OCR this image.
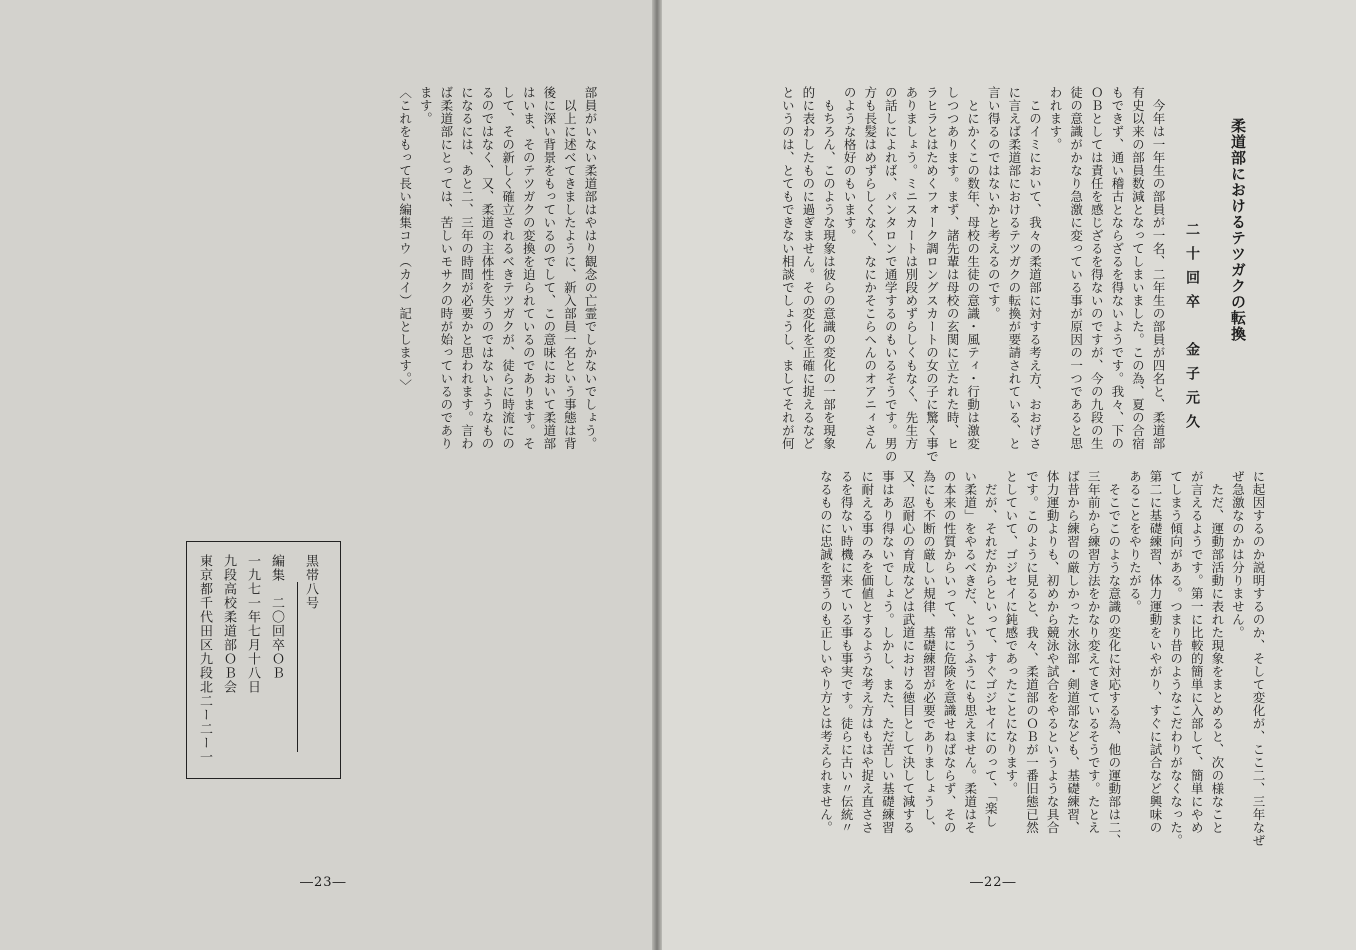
柔道部におけるテツガクの転換
二十回卒　金子元久

　今年は一年生の部員が一名、二年生の部員が四名と、柔道部

有史以来の部員数減となってしまいました。この為、夏の合宿

もできず、通い稽古とならざるを得ないようです。我々、下の

ＯＢとしては責任を感じざるを得ないのですが、今の九段の生

徒の意識がかなり急激に変っている事が原因の一つであると思

われます。

　このイミにおいて、我々の柔道部に対する考え方、おおげさ

に言えば柔道部におけるテツガクの転換が要請されている、と

言い得るのではないかと考えるのです。

　とにかくこの数年、母校の生徒の意識・風ティ・行動は激変

しつつあります。まず、諸先輩は母校の玄関に立たれた時、ヒ

ラヒラとはためくフォーク調ロングスカートの女の子に驚く事で

ありましょう。ミニスカートは別段めずらしくもなく、先生方

の話しによれば、パンタロンで通学するのもいるそうです。男の

方も長髪はめずらしくなく、なにかそこらへんのオアニィさん

のような格好のもいます。

　もちろん、このような現象は彼らの意識の変化の一部を現象

的に表わしたものに過ぎません。その変化を正確に捉えるなど

というのは、とてもできない相談でしょうし、ましてそれが何

に起因するのか説明するのか、そして変化が、ここ二、三年なぜ

ぜ急激なのかは分りません。

　ただ、運動部活動に表れた現象をまとめると、次の様なこと

が言えるようです。第一に比較的簡単に入部して、簡単にやめ

てしまう傾向がある。つまり昔のようなこだわりがなくなった。

第二に基礎練習、体力運動をいやがり、すぐに試合など興味の

あることをやりたがる。

　そこでこのような意識の変化に対応する為、他の運動部は二、

三年前から練習方法をかなり変えてきているそうです。たとえ

ば昔から練習の厳しかった水泳部・剣道部なども、基礎練習、

体力運動よりも、初めから競泳や試合をやるというような具合

です。このように見ると、我々、柔道部のＯＢが一番旧態已然

としていて、ゴジセイに鈍感であったことになります。

　だが、それだからといって、すぐゴジセイにのって、「楽し

い柔道」をやるべきだ、というふうにも思えません。柔道はそ

の本来の性質からいって、常に危険を意識せねばならず、その

為にも不断の厳しい規律、基礎練習が必要でありましょうし、

又、忍耐心の育成などは武道における徳目として決して減する

事はあり得ないでしょう。しかし、また、ただ苦しい基礎練習

に耐える事のみを価値とするような考え方はもはや捉え直ささ

るを得ない時機に来ている事も事実です。徒らに古い〃伝統〃

なるものに忠誠を誓うのも正しいやり方とは考えられません。

―22―

部員がいない柔道部はやはり観念の亡霊でしかないでしょう。

　以上に述べてきましたように、新入部員一名という事態は背

後に深い背景をもっているのでして、この意味において柔道部

はいま、そのテツガクの変換を迫られているのであります。そ

して、その新しく確立されるべきテツガクが、徒らに時流にの

るのではなく、又、柔道の主体性を失うのではないようなもの

になるには、あと二、三年の時間が必要かと思われます。言わ

ば柔道部にとっては、苦しいモサクの時が始っているのであり

ます。

〈これをもって長い編集コウ（カイ）記とします。〉

黒帯八号
編集　二〇回卒ＯＢ
一九七一年七月十八日
九段高校柔道部ＯＢ会
東京都千代田区九段北二ー二ー一
―23―
